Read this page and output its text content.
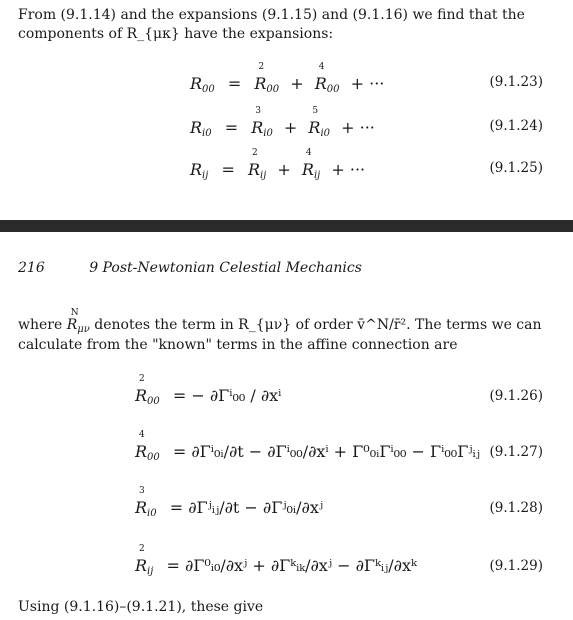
From (9.1.14) and the expansions (9.1.15) and (9.1.16) we find that the components of R_{μκ} have the expansions:
R00 = R
2
00 + R
4
00 + ···	(9.1.23)
Ri0 = R
3
i0 + R
5
i0 + ···	(9.1.24)
Rij = R
2
ij + R
4
ij + ···	(9.1.25)
216	9 Post-Newtonian Celestial Mechanics
where R
N
$_{\mu\nu}$ denotes the term in R_{μν} of order v̄^N/r̄². The terms we can calculate from the "known" terms in the affine connection are
R
2
00 = − ∂Γⁱ₀₀ / ∂xⁱ	(9.1.26)
R
4
00 = ∂Γⁱ₀ᵢ/∂t − ∂Γⁱ₀₀/∂xⁱ + Γ⁰₀ᵢΓⁱ₀₀ − Γⁱ₀₀Γʲᵢⱼ (9.1.27)
R
3
i0 = ∂Γʲᵢⱼ/∂t − ∂Γʲ₀ᵢ/∂xʲ	(9.1.28)
R
2
ij = ∂Γ⁰ᵢ₀/∂xʲ + ∂Γᵏᵢₖ/∂xʲ − ∂Γᵏᵢⱼ/∂xᵏ	(9.1.29)
Using (9.1.16)–(9.1.21), these give
